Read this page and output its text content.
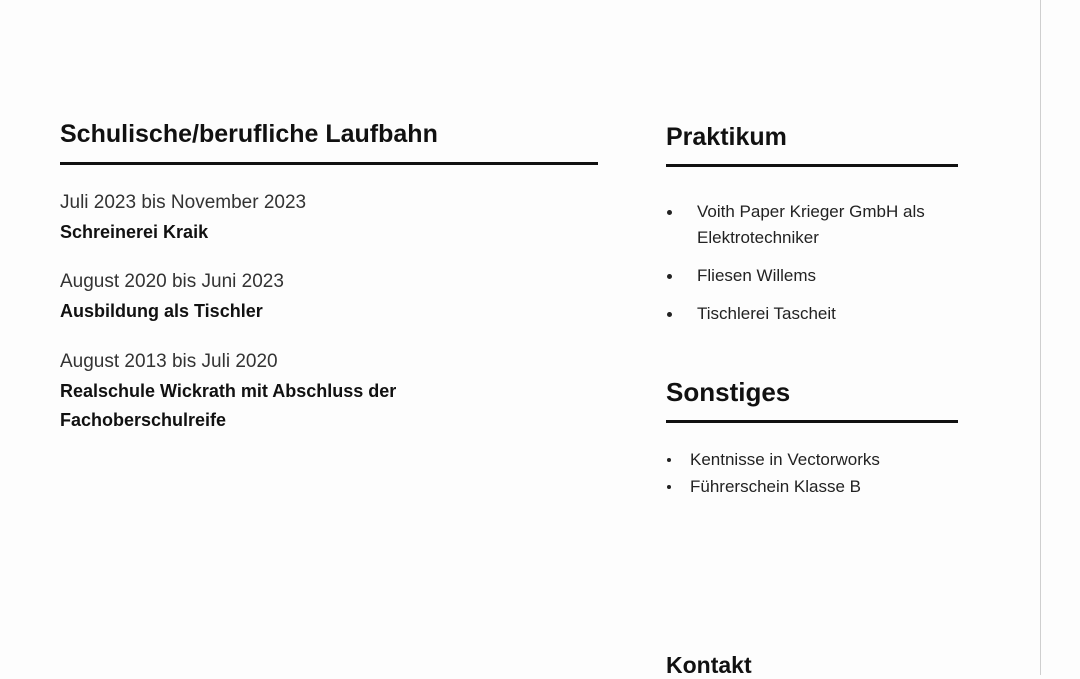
Schulische/berufliche Laufbahn
Juli 2023 bis November 2023
Schreinerei Kraik
August 2020 bis Juni 2023
Ausbildung als Tischler
August 2013 bis Juli 2020
Realschule Wickrath mit Abschluss der Fachoberschulreife
Praktikum
Voith Paper Krieger GmbH als Elektrotechniker
Fliesen Willems
Tischlerei Tascheit
Sonstiges
Kentnisse in Vectorworks
Führerschein Klasse B
Kontakt
